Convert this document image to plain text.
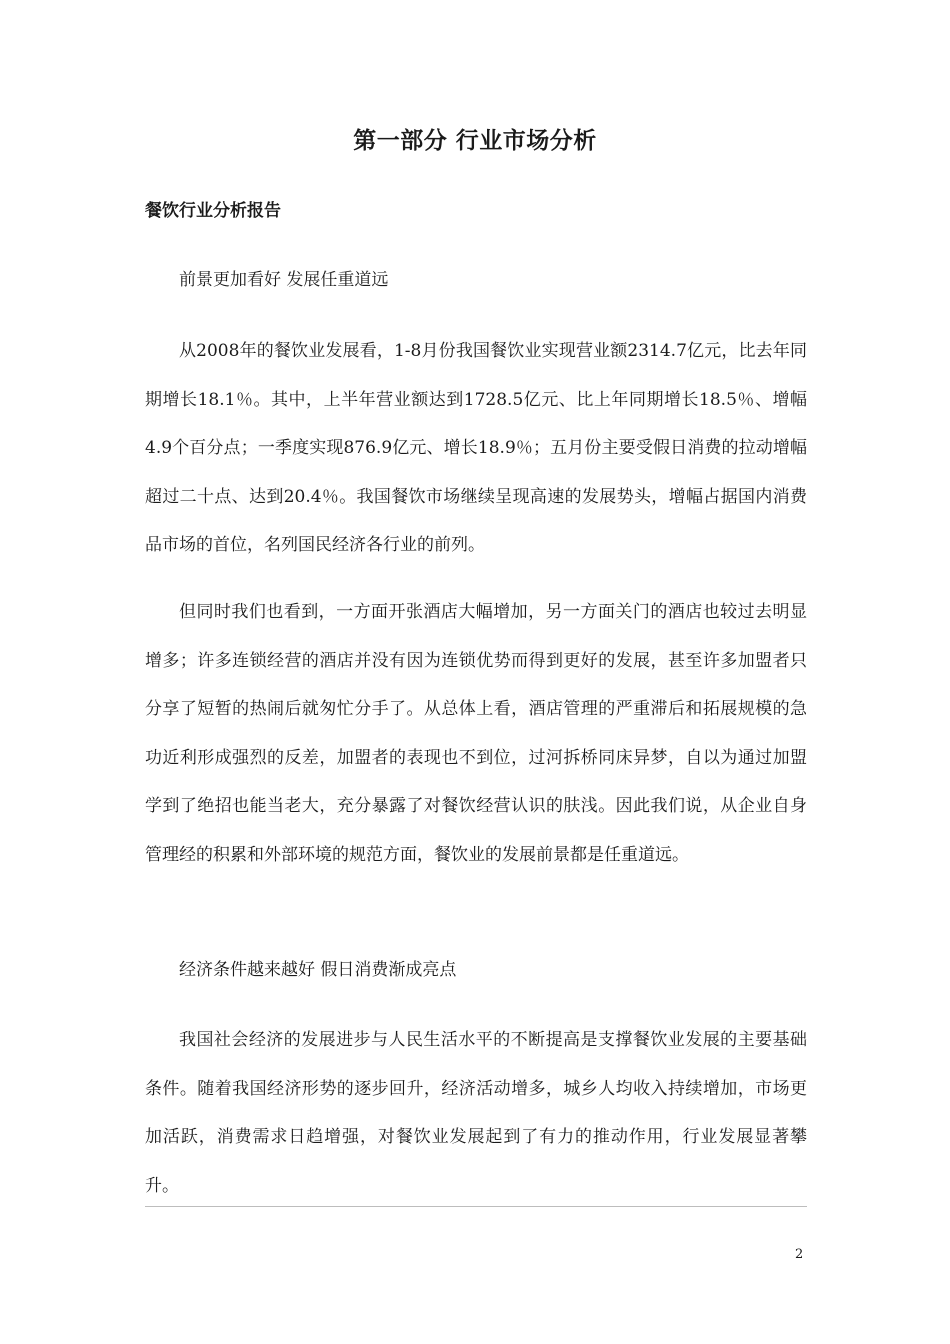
第一部分 行业市场分析
餐饮行业分析报告
前景更加看好 发展任重道远

从2008年的餐饮业发展看，1-8月份我国餐饮业实现营业额2314.7亿元，比去年同期增长18.1％。其中，上半年营业额达到1728.5亿元、比上年同期增长18.5％、增幅4.9个百分点；一季度实现876.9亿元、增长18.9％；五月份主要受假日消费的拉动增幅超过二十点、达到20.4％。我国餐饮市场继续呈现高速的发展势头，增幅占据国内消费品市场的首位，名列国民经济各行业的前列。

但同时我们也看到，一方面开张酒店大幅增加，另一方面关门的酒店也较过去明显增多；许多连锁经营的酒店并没有因为连锁优势而得到更好的发展，甚至许多加盟者只分享了短暂的热闹后就匆忙分手了。从总体上看，酒店管理的严重滞后和拓展规模的急功近利形成强烈的反差，加盟者的表现也不到位，过河拆桥同床异梦，自以为通过加盟学到了绝招也能当老大，充分暴露了对餐饮经营认识的肤浅。因此我们说，从企业自身管理经的积累和外部环境的规范方面，餐饮业的发展前景都是任重道远。

经济条件越来越好 假日消费渐成亮点

我国社会经济的发展进步与人民生活水平的不断提高是支撑餐饮业发展的主要基础条件。随着我国经济形势的逐步回升，经济活动增多，城乡人均收入持续增加，市场更加活跃，消费需求日趋增强，对餐饮业发展起到了有力的推动作用，行业发展显著攀升。

2
